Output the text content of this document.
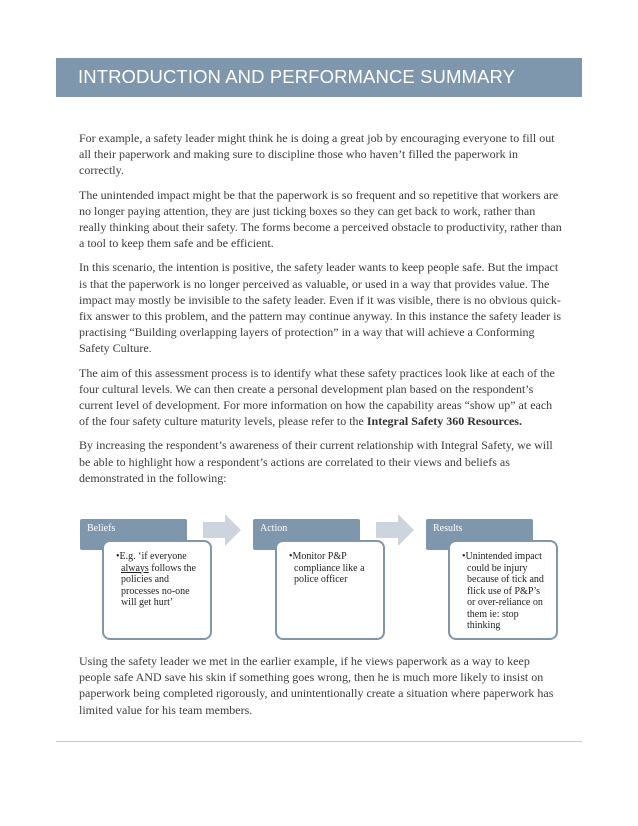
INTRODUCTION AND PERFORMANCE SUMMARY

For example, a safety leader might think he is doing a great job by encouraging everyone to fill out all their paperwork and making sure to discipline those who haven’t filled the paperwork in correctly.

The unintended impact might be that the paperwork is so frequent and so repetitive that workers are no longer paying attention, they are just ticking boxes so they can get back to work, rather than really thinking about their safety. The forms become a perceived obstacle to productivity, rather than a tool to keep them safe and be efficient.

In this scenario, the intention is positive, the safety leader wants to keep people safe. But the impact is that the paperwork is no longer perceived as valuable, or used in a way that provides value. The impact may mostly be invisible to the safety leader. Even if it was visible, there is no obvious quick-fix answer to this problem, and the pattern may continue anyway. In this instance the safety leader is practising “Building overlapping layers of protection” in a way that will achieve a Conforming Safety Culture.

The aim of this assessment process is to identify what these safety practices look like at each of the four cultural levels. We can then create a personal development plan based on the respondent’s current level of development. For more information on how the capability areas “show up” at each of the four safety culture maturity levels, please refer to the Integral Safety 360 Resources.

By increasing the respondent’s awareness of their current relationship with Integral Safety, we will be able to highlight how a respondent’s actions are correlated to their views and beliefs as demonstrated in the following:

Beliefs
•E.g. ‘if everyone always follows the policies and processes no-one will get hurt’
Action
•Monitor P&P compliance like a police officer
Results
•Unintended impact could be injury because of tick and flick use of P&P’s or over-reliance on them ie: stop thinking

Using the safety leader we met in the earlier example, if he views paperwork as a way to keep people safe AND save his skin if something goes wrong, then he is much more likely to insist on paperwork being completed rigorously, and unintentionally create a situation where paperwork has limited value for his team members.
